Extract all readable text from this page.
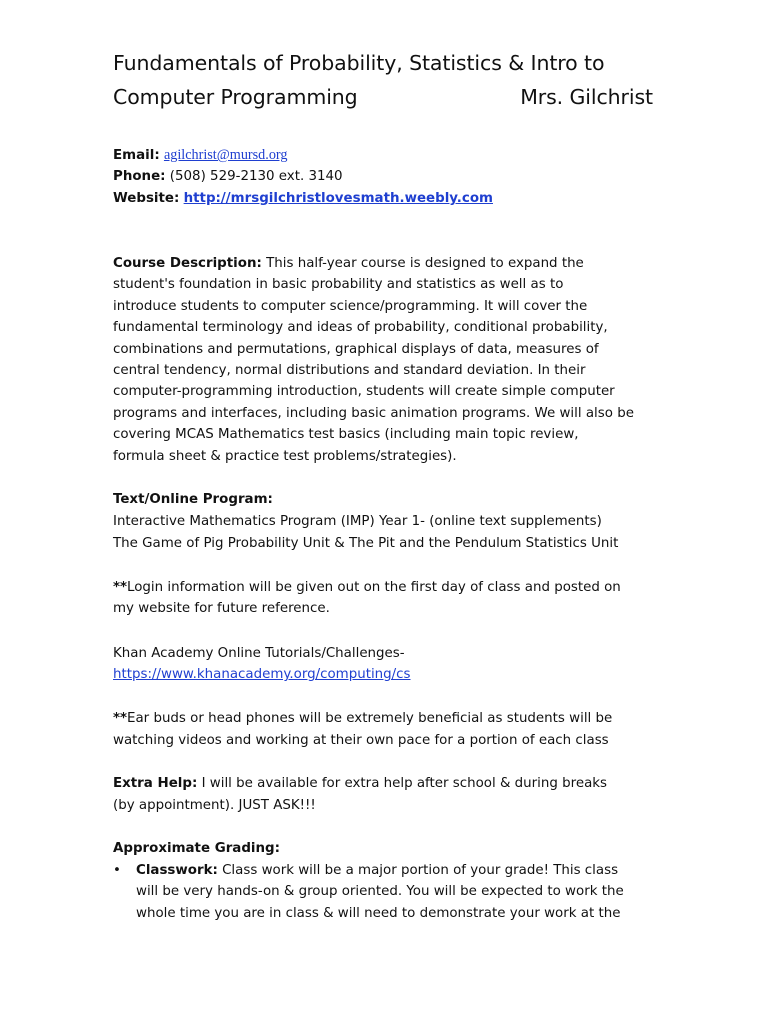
Fundamentals of Probability, Statistics & Intro to
Computer Programming	Mrs. Gilchrist
Email: agilchrist@mursd.org
Phone: (508) 529-2130 ext. 3140
Website: http://mrsgilchristlovesmath.weebly.com
Course Description: This half-year course is designed to expand the
student's foundation in basic probability and statistics as well as to
introduce students to computer science/programming. It will cover the
fundamental terminology and ideas of probability, conditional probability,
combinations and permutations, graphical displays of data, measures of
central tendency, normal distributions and standard deviation. In their
computer-programming introduction, students will create simple computer
programs and interfaces, including basic animation programs. We will also be
covering MCAS Mathematics test basics (including main topic review,
formula sheet & practice test problems/strategies).
Text/Online Program:
Interactive Mathematics Program (IMP) Year 1- (online text supplements)
The Game of Pig Probability Unit & The Pit and the Pendulum Statistics Unit
**Login information will be given out on the first day of class and posted on
my website for future reference.
Khan Academy Online Tutorials/Challenges-
https://www.khanacademy.org/computing/cs
**Ear buds or head phones will be extremely beneficial as students will be
watching videos and working at their own pace for a portion of each class
Extra Help: I will be available for extra help after school & during breaks
(by appointment). JUST ASK!!!
Approximate Grading:
• Classwork: Class work will be a major portion of your grade! This class
will be very hands-on & group oriented. You will be expected to work the
whole time you are in class & will need to demonstrate your work at the
